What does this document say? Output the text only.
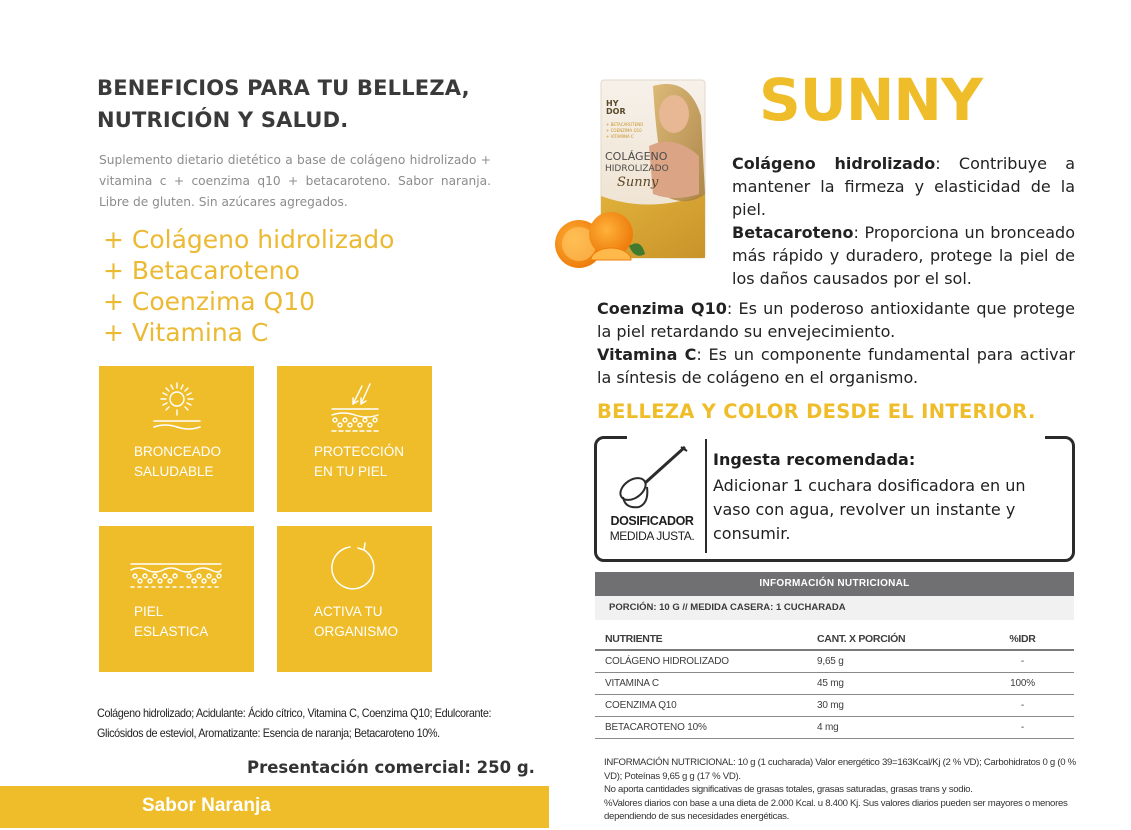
BENEFICIOS PARA TU BELLEZA,
NUTRICIÓN Y SALUD.

Suplemento dietario dietético a base de colágeno hidrolizado + vitamina c + coenzima q10 + betacaroteno. Sabor naranja. Libre de gluten. Sin azúcares agregados.

+ Colágeno hidrolizado
+ Betacaroteno
+ Coenzima Q10
+ Vitamina C
BRONCEADO
SALUDABLE
PROTECCIÓN
EN TU PIEL
PIEL
ESLASTICA
ACTIVA TU
ORGANISMO

Colágeno hidrolizado; Acidulante: Ácido cítrico, Vitamina C, Coenzima Q10; Edulcorante: Glicósidos de esteviol, Aromatizante: Esencia de naranja; Betacaroteno 10%.

Presentación comercial: 250 g.
Sabor Naranja
HY
DOR
+ BETACAROTENO
+ COENZIMA Q10
+ VITAMINA C
COLÁGENO
HIDROLIZADO
Sunny
SUNNY
Colágeno hidrolizado: Contribuye a mantener la firmeza y elasticidad de la piel.
Betacaroteno: Proporciona un bronceado más rápido y duradero, protege la piel de los daños causados por el sol.
Coenzima Q10: Es un poderoso antioxidante que protege la piel retardando su envejecimiento.
Vitamina C: Es un componente fundamental para activar la síntesis de colágeno en el organismo.
BELLEZA Y COLOR DESDE EL INTERIOR.
DOSIFICADOR
MEDIDA JUSTA.
Ingesta recomendada:
Adicionar 1 cuchara dosificadora en un vaso con agua, revolver un instante y consumir.
INFORMACIÓN NUTRICIONAL
PORCIÓN: 10 G // MEDIDA CASERA: 1 CUCHARADA
NUTRIENTE	CANT. X PORCIÓN	%IDR
COLÁGENO HIDROLIZADO	9,65 g	-
VITAMINA C	45 mg	100%
COENZIMA Q10	30 mg	-
BETACAROTENO 10%	4 mg	-
INFORMACIÓN NUTRICIONAL: 10 g (1 cucharada) Valor energético 39=163Kcal/Kj (2 % VD); Carbohidratos 0 g (0 % VD); Poteínas 9,65 g g (17 % VD).
No aporta cantidades significativas de grasas totales, grasas saturadas, grasas trans y sodio.
%Valores diarios con base a una dieta de 2.000 Kcal. u 8.400 Kj. Sus valores diarios pueden ser mayores o menores dependiendo de sus necesidades energéticas.
